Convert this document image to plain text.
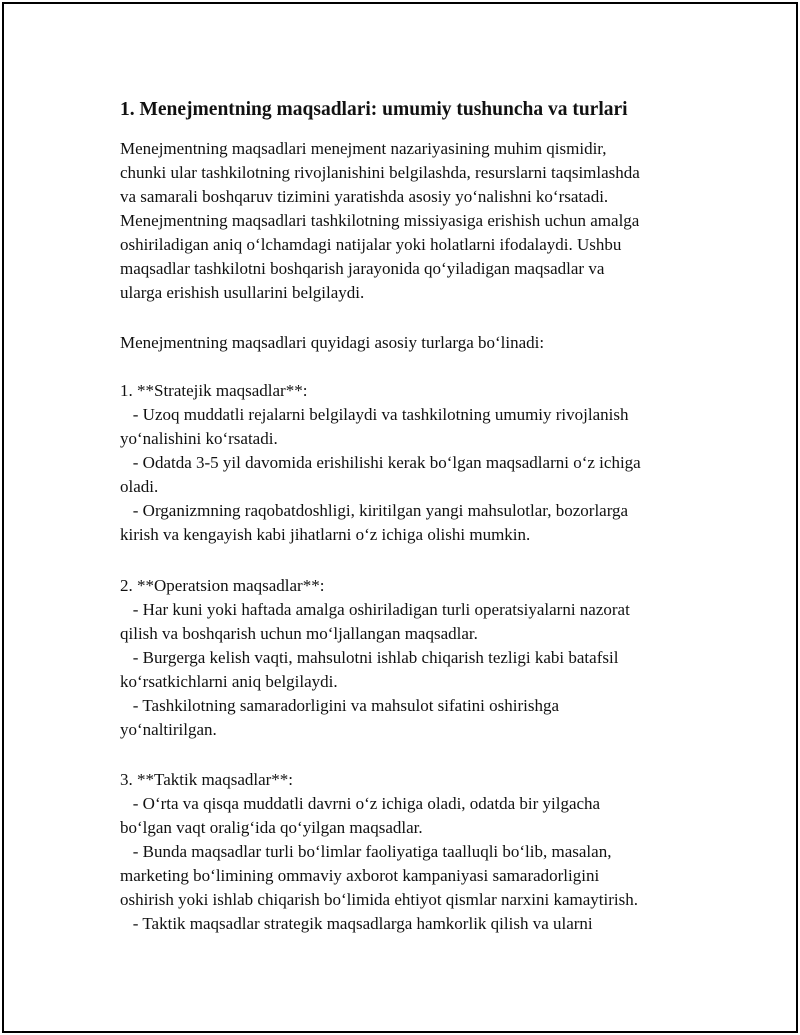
1. Menejmentning maqsadlari: umumiy tushuncha va turlari
Menejmentning maqsadlari menejment nazariyasining muhim qismidir,
chunki ular tashkilotning rivojlanishini belgilashda, resurslarni taqsimlashda
va samarali boshqaruv tizimini yaratishda asosiy yo‘nalishni ko‘rsatadi.
Menejmentning maqsadlari tashkilotning missiyasiga erishish uchun amalga
oshiriladigan aniq o‘lchamdagi natijalar yoki holatlarni ifodalaydi. Ushbu
maqsadlar tashkilotni boshqarish jarayonida qo‘yiladigan maqsadlar va
ularga erishish usullarini belgilaydi.
Menejmentning maqsadlari quyidagi asosiy turlarga bo‘linadi:
1. **Stratejik maqsadlar**:
- Uzoq muddatli rejalarni belgilaydi va tashkilotning umumiy rivojlanish
yo‘nalishini ko‘rsatadi.
- Odatda 3-5 yil davomida erishilishi kerak bo‘lgan maqsadlarni o‘z ichiga
oladi.
- Organizmning raqobatdoshligi, kiritilgan yangi mahsulotlar, bozorlarga
kirish va kengayish kabi jihatlarni o‘z ichiga olishi mumkin.
2. **Operatsion maqsadlar**:
- Har kuni yoki haftada amalga oshiriladigan turli operatsiyalarni nazorat
qilish va boshqarish uchun mo‘ljallangan maqsadlar.
- Burgerga kelish vaqti, mahsulotni ishlab chiqarish tezligi kabi batafsil
ko‘rsatkichlarni aniq belgilaydi.
- Tashkilotning samaradorligini va mahsulot sifatini oshirishga
yo‘naltirilgan.
3. **Taktik maqsadlar**:
- O‘rta va qisqa muddatli davrni o‘z ichiga oladi, odatda bir yilgacha
bo‘lgan vaqt oralig‘ida qo‘yilgan maqsadlar.
- Bunda maqsadlar turli bo‘limlar faoliyatiga taalluqli bo‘lib, masalan,
marketing bo‘limining ommaviy axborot kampaniyasi samaradorligini
oshirish yoki ishlab chiqarish bo‘limida ehtiyot qismlar narxini kamaytirish.
- Taktik maqsadlar strategik maqsadlarga hamkorlik qilish va ularni
